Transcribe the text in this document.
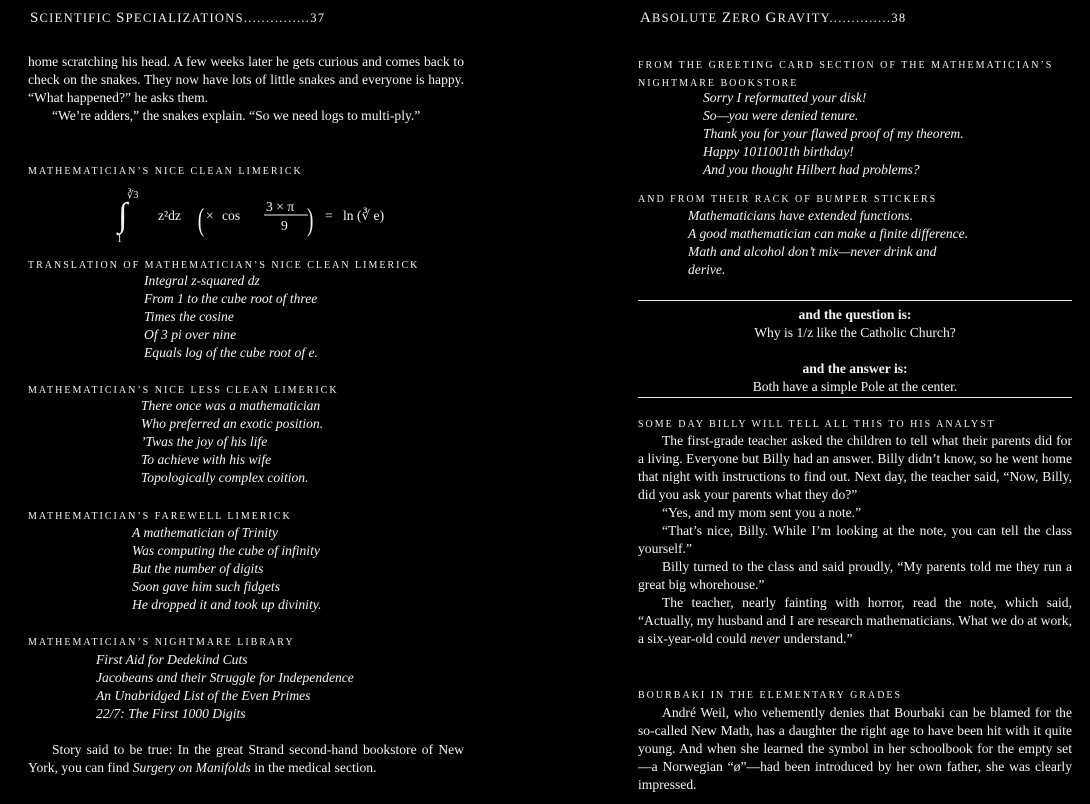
SCIENTIFIC SPECIALIZATIONS...............37
home scratching his head. A few weeks later he gets curious and comes back to check on the snakes. They now have lots of little snakes and everyone is happy. “What happened?” he asks them.
“We’re adders,” the snakes explain. “So we need logs to multi-ply.”
MATHEMATICIAN’S NICE CLEAN LIMERICK
∛3
∫
1
z²dz × cos
(	3 × π
9 ) = ln (∛ e)
TRANSLATION OF MATHEMATICIAN’S NICE CLEAN LIMERICK
Integral z-squared dz
From 1 to the cube root of three
Times the cosine
Of 3 pi over nine
Equals log of the cube root of e.
MATHEMATICIAN’S NICE LESS CLEAN LIMERICK
There once was a mathematician
Who preferred an exotic position.
’Twas the joy of his life
To achieve with his wife
Topologically complex coition.
MATHEMATICIAN’S FAREWELL LIMERICK
A mathematician of Trinity
Was computing the cube of infinity
But the number of digits
Soon gave him such fidgets
He dropped it and took up divinity.
MATHEMATICIAN’S NIGHTMARE LIBRARY
First Aid for Dedekind Cuts
Jacobeans and their Struggle for Independence
An Unabridged List of the Even Primes
22/7: The First 1000 Digits
Story said to be true: In the great Strand second-hand bookstore of New York, you can find Surgery on Manifolds in the medical section.
ABSOLUTE ZERO GRAVITY..............38
FROM THE GREETING CARD SECTION OF THE MATHEMATICIAN’S
NIGHTMARE BOOKSTORE
Sorry I reformatted your disk!
So—you were denied tenure.
Thank you for your flawed proof of my theorem.
Happy 1011001th birthday!
And you thought Hilbert had problems?
AND FROM THEIR RACK OF BUMPER STICKERS
Mathematicians have extended functions.
A good mathematician can make a finite difference.
Math and alcohol don’t mix—never drink and
derive.
and the question is:
Why is 1/z like the Catholic Church?
and the answer is:
Both have a simple Pole at the center.
SOME DAY BILLY WILL TELL ALL THIS TO HIS ANALYST
The first-grade teacher asked the children to tell what their parents did for a living. Everyone but Billy had an answer. Billy didn’t know, so he went home that night with instructions to find out. Next day, the teacher said, “Now, Billy, did you ask your parents what they do?”
“Yes, and my mom sent you a note.”
“That’s nice, Billy. While I’m looking at the note, you can tell the class yourself.”
Billy turned to the class and said proudly, “My parents told me they run a great big whorehouse.”
The teacher, nearly fainting with horror, read the note, which said, “Actually, my husband and I are research mathematicians. What we do at work, a six-year-old could never understand.”
BOURBAKI IN THE ELEMENTARY GRADES
André Weil, who vehemently denies that Bourbaki can be blamed for the so-called New Math, has a daughter the right age to have been hit with it quite young. And when she learned the symbol in her schoolbook for the empty set—a Norwegian “ø”—had been introduced by her own father, she was clearly impressed.
